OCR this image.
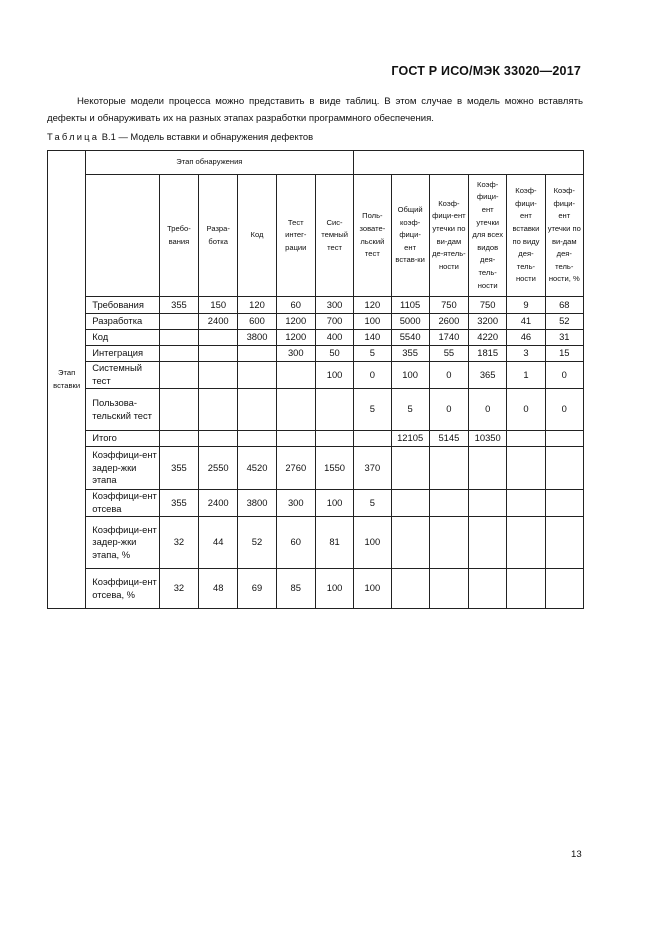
ГОСТ Р ИСО/МЭК 33020—2017

Некоторые модели процесса можно представить в виде таблиц. В этом случае в модель можно вставлять дефекты и обнаруживать их на разных этапах разработки программного обеспечения.

Таблица В.1 — Модель вставки и обнаружения дефектов
Этап вставки	Этап обнаружения											
		Требо-вания	Разра-ботка	Код	Тест интег-рации	Сис-темный тест	Поль-зовате-льский тест	Общий коэф-фици-ент встав-ки	Коэф-фици-ент утечки по ви-дам де-ятель-ности	Коэф-фици-ент утечки для всех видов дея-тель-ности	Коэф-фици-ент вставки по виду дея-тель-ности	Коэф-фици-ент утечки по ви-дам дея-тель-ности, %
	Требования	355	150	120	60	300	120	1105	750	750	9	68
	Разработка		2400	600	1200	700	100	5000	2600	3200	41	52
	Код			3800	1200	400	140	5540	1740	4220	46	31
	Интеграция				300	50	5	355	55	1815	3	15
	Системный тест					100	0	100	0	365	1	0
	Пользова-тельский тест						5	5	0	0	0	0
	Итого							12105	5145	10350		
	Коэффици-ент задер-жки этапа	355	2550	4520	2760	1550	370					
	Коэффици-ент отсева	355	2400	3800	300	100	5					
	Коэффици-ент задер-жки этапа, %	32	44	52	60	81	100					
	Коэффици-ент отсева, %	32	48	69	85	100	100					
13
